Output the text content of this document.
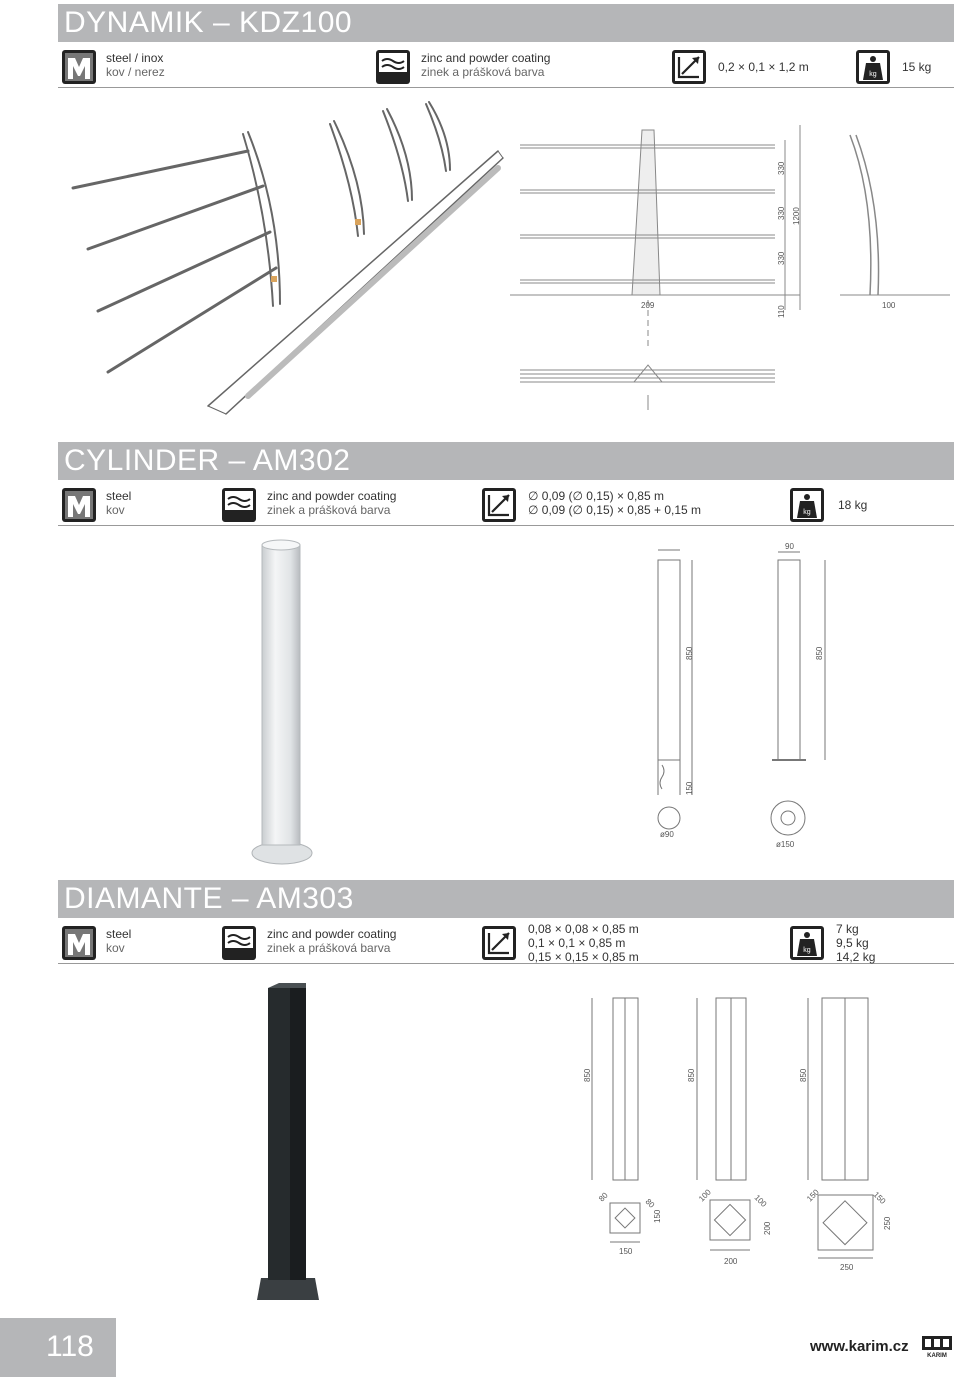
DYNAMIK – KDZ100
steel / inox
kov / nerez
zinc and powder coating
zinek a prášková barva	0,2 × 0,1 × 1,2 m
kg
15 kg
330
330
330
1200
209	110	100
CYLINDER – AM302
steel
kov
zinc and powder coating
zinek a prášková barva
∅ 0,09 (∅ 0,15) × 0,85 m
∅ 0,09 (∅ 0,15) × 0,85 + 0,15 m	kg
18 kg
850
150
90
850
ø90
ø150
DIAMANTE – AM303
steel
kov
zinc and powder coating
zinek a prášková barva
0,08 × 0,08 × 0,85 m
0,1 × 0,1 × 0,85 m
0,15 × 0,15 × 0,85 m	kg
7 kg
9,5 kg
14,2 kg
850	850	850
80	80
150
150
100	100
200
200
150	150
250
250
118	www.karim.cz
KARIM
